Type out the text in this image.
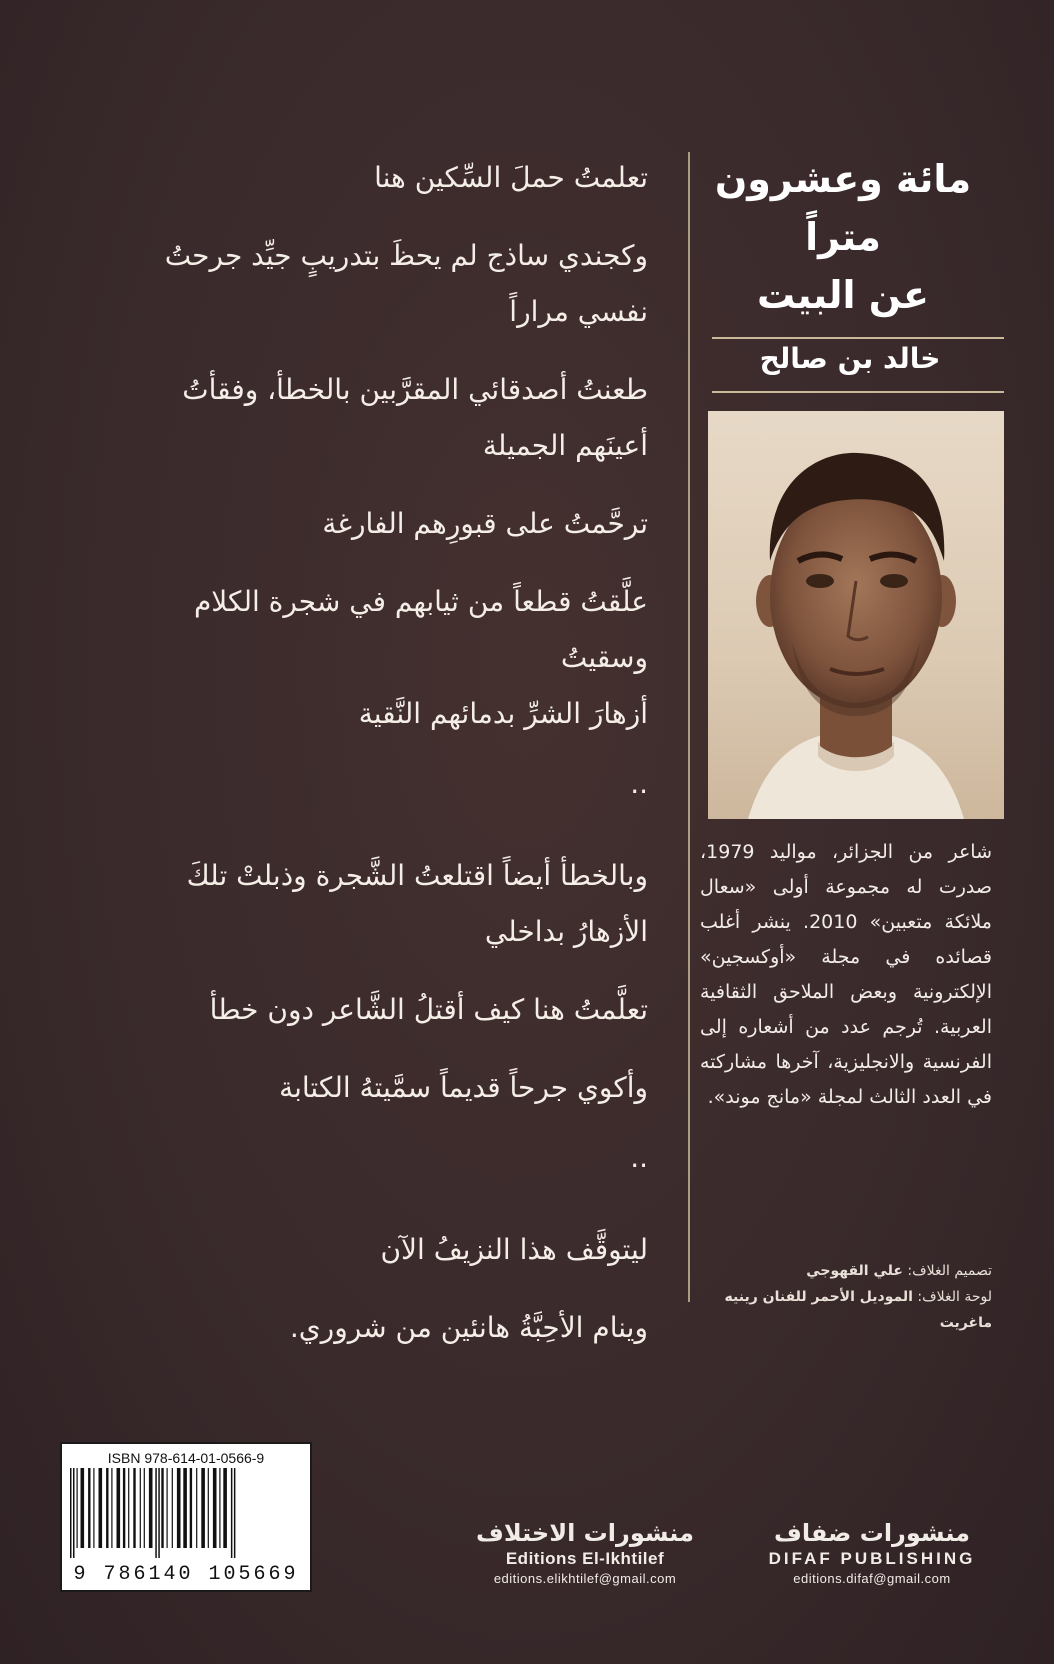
تعلمتُ حملَ السِّكين هنا
وكجندي ساذج لم يحظَ بتدريبٍ جيِّد جرحتُ
نفسي مراراً
طعنتُ أصدقائي المقرَّبين بالخطأ، وفقأتُ
أعينَهم الجميلة
ترحَّمتُ على قبورِهم الفارغة
علَّقتُ قطعاً من ثيابهم في شجرة الكلام وسقيتُ
أزهارَ الشرِّ بدمائهم النَّقية
..
وبالخطأ أيضاً اقتلعتُ الشَّجرة وذبلتْ تلكَ
الأزهارُ بداخلي
تعلَّمتُ هنا كيف أقتلُ الشَّاعر دون خطأ
وأكوي جرحاً قديماً سمَّيتهُ الكتابة
..
ليتوقَّف هذا النزيفُ الآن
وينام الأحِبَّةُ هانئين من شروري.
مائة وعشرون
متراً
عن البيت
خالد بن صالح
شاعر من الجزائر، مواليد 1979، صدرت له مجموعة أولى «سعال ملائكة متعبين» 2010. ينشر أغلب قصائده في مجلة «أوكسجين» الإلكترونية وبعض الملاحق الثقافية العربية. تُرجم عدد من أشعاره إلى الفرنسية والانجليزية، آخرها مشاركته في العدد الثالث لمجلة «مانج موند».
تصميم الغلاف: علي القهوجي
لوحة الغلاف: الموديل الأحمر للفنان رينيه ماغريت
ISBN 978-614-01-0566-9
9 786140 105669
منشورات الاختلاف
Editions El-Ikhtilef
editions.elikhtilef@gmail.com
منشورات ضفاف
DIFAF PUBLISHING
editions.difaf@gmail.com
